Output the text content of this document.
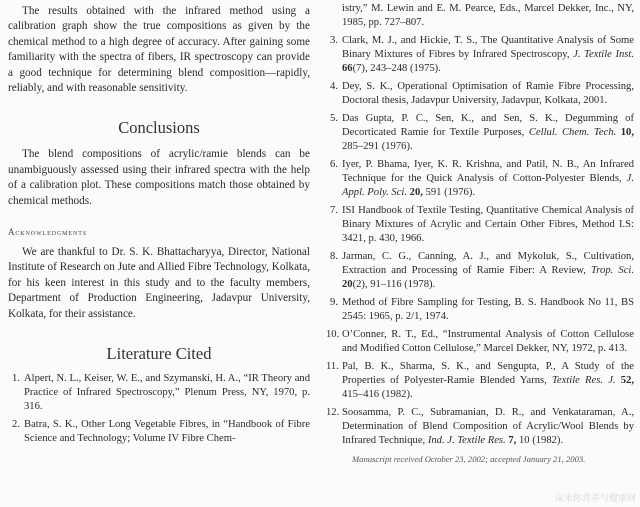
The results obtained with the infrared method using a calibration graph show the true compositions as given by the chemical method to a high degree of accuracy. After gaining some familiarity with the spectra of fibers, IR spectroscopy can provide a good technique for determining blend composition—rapidly, reliably, and with reasonable sensitivity.

Conclusions

The blend compositions of acrylic/ramie blends can be unambiguously assessed using their infrared spectra with the help of a calibration plot. These compositions match those obtained by chemical methods.

Acknowledgments

We are thankful to Dr. S. K. Bhattacharyya, Director, National Institute of Research on Jute and Allied Fibre Technology, Kolkata, for his keen interest in this study and to the faculty members, Department of Production Engineering, Jadavpur University, Kolkata, for their assistance.

Literature Cited

1. Alpert, N. L., Keiser, W. E., and Szymanski, H. A., “IR Theory and Practice of Infrared Spectroscopy,” Plenum Press, NY, 1970, p. 316.

2. Batra, S. K., Other Long Vegetable Fibres, in “Handbook of Fibre Science and Technology; Volume IV Fibre Chem-

istry,” M. Lewin and E. M. Pearce, Eds., Marcel Dekker, Inc., NY, 1985, pp. 727–807.

3. Clark, M. J., and Hickie, T. S., The Quantitative Analysis of Some Binary Mixtures of Fibres by Infrared Spectroscopy, J. Textile Inst. 66(7), 243–248 (1975).

4. Dey, S. K., Operational Optimisation of Ramie Fibre Processing, Doctoral thesis, Jadavpur University, Jadavpur, Kolkata, 2001.

5. Das Gupta, P. C., Sen, K., and Sen, S. K., Degumming of Decorticated Ramie for Textile Purposes, Cellul. Chem. Tech. 10, 285–291 (1976).

6. Iyer, P. Bhama, Iyer, K. R. Krishna, and Patil, N. B., An Infrared Technique for the Quick Analysis of Cotton-Polyester Blends, J. Appl. Poly. Sci. 20, 591 (1976).

7. ISI Handbook of Textile Testing, Quantitative Chemical Analysis of Binary Mixtures of Acrylic and Certain Other Fibres, Method I.S: 3421, p. 430, 1966.

8. Jarman, C. G., Canning, A. J., and Mykoluk, S., Cultivation, Extraction and Processing of Ramie Fiber: A Review, Trop. Sci. 20(2), 91–116 (1978).

9. Method of Fibre Sampling for Testing, B. S. Handbook No 11, BS 2545: 1965, p. 2/1, 1974.

10. O’Conner, R. T., Ed., “Instrumental Analysis of Cotton Cellulose and Modified Cotton Cellulose,” Marcel Dekker, NY, 1972, p. 413.

11. Pal, B. K., Sharma, S. K., and Sengupta, P., A Study of the Properties of Polyester-Ramie Blended Yarns, Textile Res. J. 52, 415–416 (1982).

12. Soosamma, P. C., Subramanian, D. R., and Venkataraman, A., Determination of Blend Composition of Acrylic/Wool Blends by Infrared Technique, Ind. J. Textile Res. 7, 10 (1982).

Manuscript received October 23, 2002; accepted January 21, 2003.

床米你营养与健康网
